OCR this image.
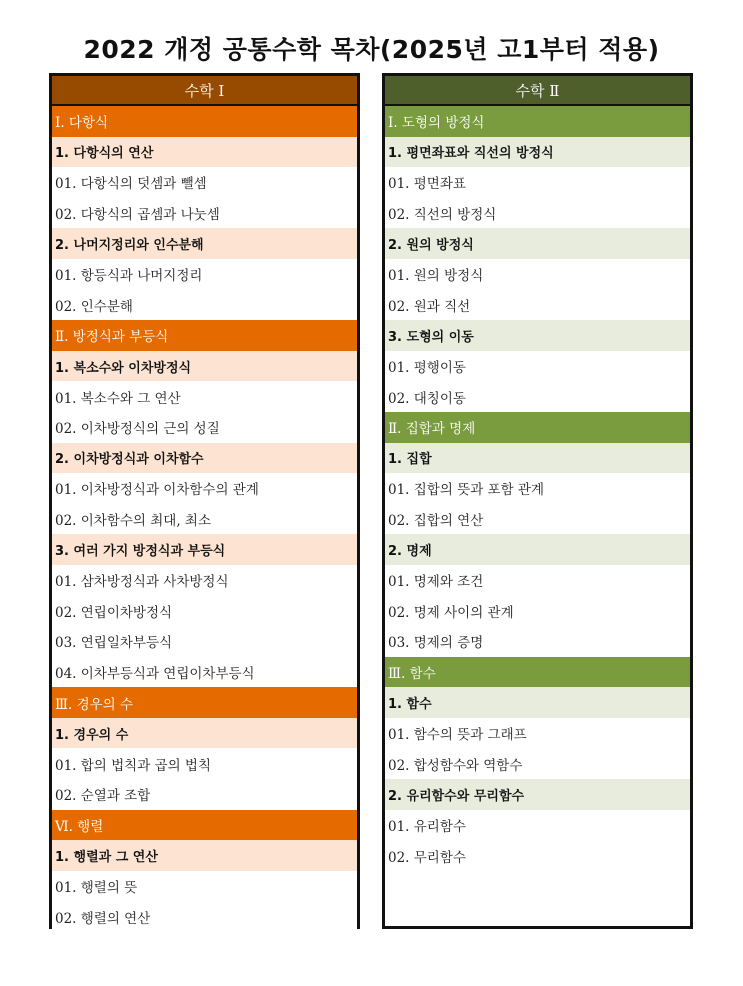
2022 개정 공통수학 목차(2025년 고1부터 적용)
수학 I
Ⅰ. 다항식
1. 다항식의 연산
01. 다항식의 덧셈과 뺄셈
02. 다항식의 곱셈과 나눗셈
2. 나머지정리와 인수분해
01. 항등식과 나머지정리
02. 인수분해
Ⅱ. 방정식과 부등식
1. 복소수와 이차방정식
01. 복소수와 그 연산
02. 이차방정식의 근의 성질
2. 이차방정식과 이차함수
01. 이차방정식과 이차함수의 관계
02. 이차함수의 최대, 최소
3. 여러 가지 방정식과 부등식
01. 삼차방정식과 사차방정식
02. 연립이차방정식
03. 연립일차부등식
04. 이차부등식과 연립이차부등식
Ⅲ. 경우의 수
1. 경우의 수
01. 합의 법칙과 곱의 법칙
02. 순열과 조합
Ⅵ. 행렬
1. 행렬과 그 연산
01. 행렬의 뜻
02. 행렬의 연산
수학 Ⅱ
Ⅰ. 도형의 방정식
1. 평면좌표와 직선의 방정식
01. 평면좌표
02. 직선의 방정식
2. 원의 방정식
01. 원의 방정식
02. 원과 직선
3. 도형의 이동
01. 평행이동
02. 대칭이동
Ⅱ. 집합과 명제
1. 집합
01. 집합의 뜻과 포함 관계
02. 집합의 연산
2. 명제
01. 명제와 조건
02. 명제 사이의 관계
03. 명제의 증명
Ⅲ. 함수
1. 함수
01. 함수의 뜻과 그래프
02. 합성함수와 역함수
2. 유리함수와 무리함수
01. 유리함수
02. 무리함수
